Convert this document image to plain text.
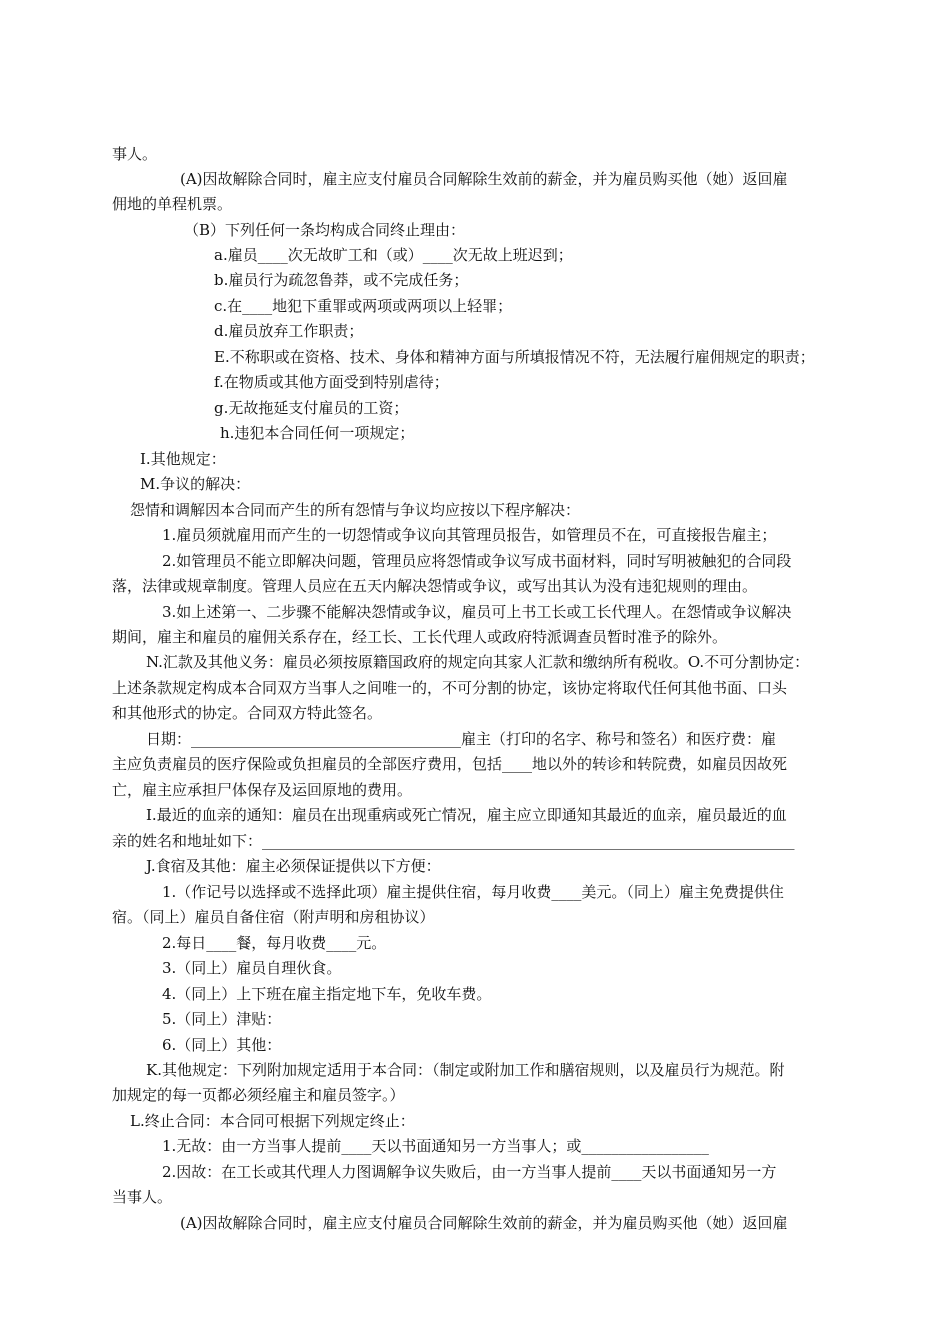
事人。
(A)因故解除合同时，雇主应支付雇员合同解除生效前的薪金，并为雇员购买他（她）返回雇
佣地的单程机票。
（B）下列任何一条均构成合同终止理由：
a.雇员____次无故旷工和（或）____次无故上班迟到；
b.雇员行为疏忽鲁莽，或不完成任务；
c.在____地犯下重罪或两项或两项以上轻罪；
d.雇员放弃工作职责；
E.不称职或在资格、技术、身体和精神方面与所填报情况不符，无法履行雇佣规定的职责；
f.在物质或其他方面受到特别虐待；
g.无故拖延支付雇员的工资；
h.违犯本合同任何一项规定；
I.其他规定：
M.争议的解决：
怨情和调解因本合同而产生的所有怨情与争议均应按以下程序解决：
1.雇员须就雇用而产生的一切怨情或争议向其管理员报告，如管理员不在，可直接报告雇主；
2.如管理员不能立即解决问题，管理员应将怨情或争议写成书面材料，同时写明被触犯的合同段
落，法律或规章制度。管理人员应在五天内解决怨情或争议，或写出其认为没有违犯规则的理由。
3.如上述第一、二步骤不能解决怨情或争议，雇员可上书工长或工长代理人。在怨情或争议解决
期间，雇主和雇员的雇佣关系存在，经工长、工长代理人或政府特派调查员暂时准予的除外。
N.汇款及其他义务：雇员必须按原籍国政府的规定向其家人汇款和缴纳所有税收。O.不可分割协定：
上述条款规定构成本合同双方当事人之间唯一的，不可分割的协定，该协定将取代任何其他书面、口头
和其他形式的协定。合同双方特此签名。
日期：____________________________________雇主（打印的名字、称号和签名）和医疗费：雇
主应负责雇员的医疗保险或负担雇员的全部医疗费用，包括____地以外的转诊和转院费，如雇员因故死
亡，雇主应承担尸体保存及运回原地的费用。
I.最近的血亲的通知：雇员在出现重病或死亡情况，雇主应立即通知其最近的血亲，雇员最近的血
亲的姓名和地址如下：_______________________________________________________________________
J.食宿及其他：雇主必须保证提供以下方便：
1.（作记号以选择或不选择此项）雇主提供住宿，每月收费____美元。（同上）雇主免费提供住
宿。（同上）雇员自备住宿（附声明和房租协议）
2.每日____餐，每月收费____元。
3.（同上）雇员自理伙食。
4.（同上）上下班在雇主指定地下车，免收车费。
5.（同上）津贴：
6.（同上）其他：
K.其他规定：下列附加规定适用于本合同：（制定或附加工作和膳宿规则，以及雇员行为规范。附
加规定的每一页都必须经雇主和雇员签字。）
L.终止合同：本合同可根据下列规定终止：
1.无故：由一方当事人提前____天以书面通知另一方当事人；或_________________
2.因故：在工长或其代理人力图调解争议失败后，由一方当事人提前____天以书面通知另一方
当事人。
(A)因故解除合同时，雇主应支付雇员合同解除生效前的薪金，并为雇员购买他（她）返回雇
